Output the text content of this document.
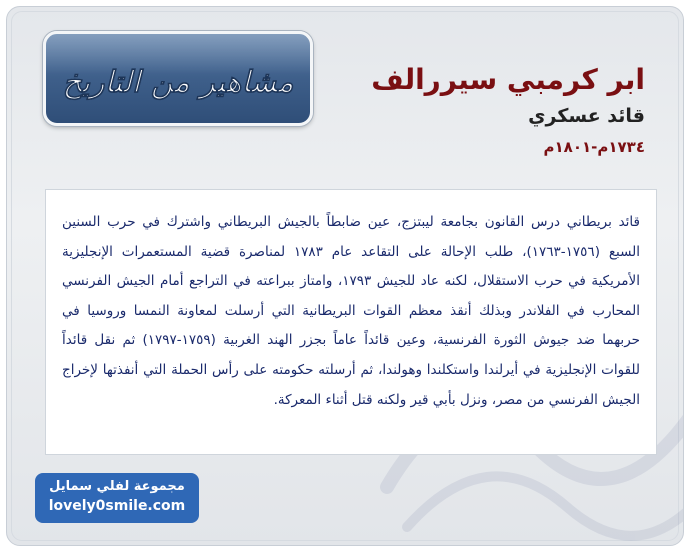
مشاهير من التاريخ	ابر كرمبي سيررالف
قائد عسكري
١٧٣٤م-١٨٠١م

قائد بريطاني درس القانون بجامعة ليبتزج، عين ضابطاً بالجيش البريطاني واشترك في حرب السنين السبع (١٧٥٦-١٧٦٣)، طلب الإحالة على التقاعد عام ١٧٨٣ لمناصرة قضية المستعمرات الإنجليزية الأمريكية في حرب الاستقلال، لكنه عاد للجيش ١٧٩٣، وامتاز ببراعته في التراجع أمام الجيش الفرنسي المحارب في الفلاندر وبذلك أنقذ معظم القوات البريطانية التي أرسلت لمعاونة النمسا وروسيا في حربهما ضد جيوش الثورة الفرنسية، وعين قائداً عاماً بجزر الهند الغربية (١٧٥٩-١٧٩٧) ثم نقل قائداً للقوات الإنجليزية في أيرلندا واستكلندا وهولندا، ثم أرسلته حكومته على رأس الحملة التي أنفذتها لإخراج الجيش الفرنسي من مصر، ونزل بأبي قير ولكنه قتل أثناء المعركة.

مجموعة لفلي سمايل
lovely0smile.com
